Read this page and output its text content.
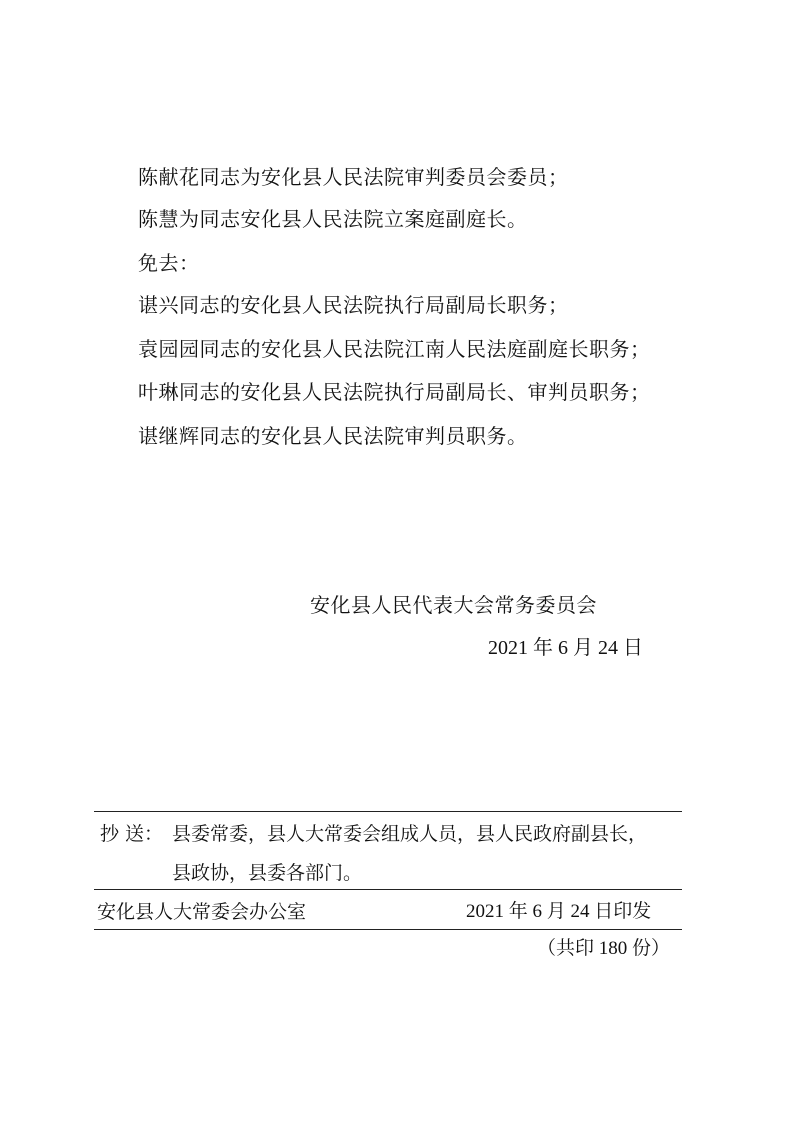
陈献花同志为安化县人民法院审判委员会委员；
陈慧为同志安化县人民法院立案庭副庭长。
免去：
谌兴同志的安化县人民法院执行局副局长职务；
袁园园同志的安化县人民法院江南人民法庭副庭长职务；
叶琳同志的安化县人民法院执行局副局长、审判员职务；
谌继辉同志的安化县人民法院审判员职务。
安化县人民代表大会常务委员会
2021 年 6 月 24 日
抄 送： 县委常委，县人大常委会组成人员，县人民政府副县长，
县政协，县委各部门。
安化县人大常委会办公室	2021 年 6 月 24 日印发
（共印 180 份）
